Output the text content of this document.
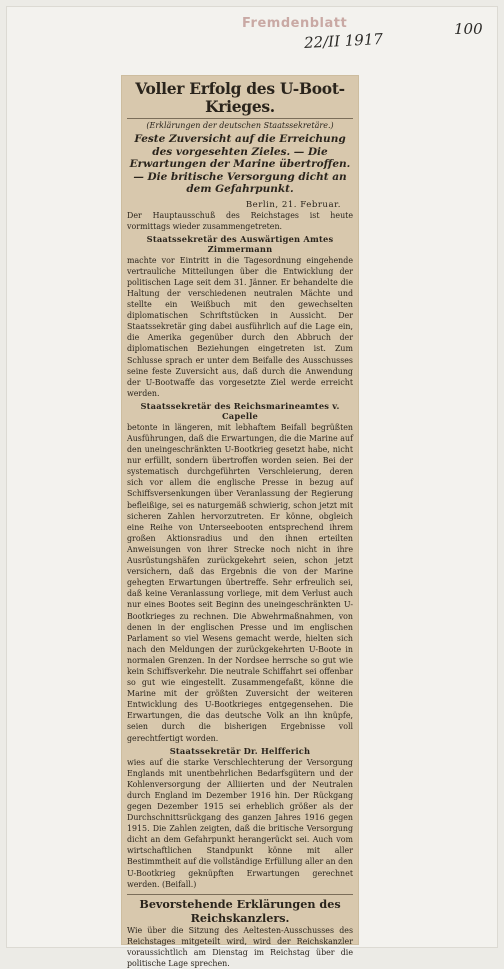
Fremdenblatt
22/II 1917
100
Voller Erfolg des U-Boot-Krieges.
(Erklärungen der deutschen Staatssekretäre.)
Feste Zuversicht auf die Erreichung des vorgesehten Zieles. — Die Erwartungen der Marine übertroffen. — Die britische Versorgung dicht an dem Gefahrpunkt.
Berlin, 21. Februar.

Der Hauptausschuß des Reichstages ist heute vormittags wieder zusammengetreten.

Staatssekretär des Auswärtigen Amtes Zimmermann

machte vor Eintritt in die Tagesordnung eingehende vertrauliche Mitteilungen über die Entwicklung der politischen Lage seit dem 31. Jänner. Er behandelte die Haltung der verschiedenen neutralen Mächte und stellte ein Weißbuch mit den gewechselten diplomatischen Schriftstücken in Aussicht. Der Staatssekretär ging dabei ausführlich auf die Lage ein, die Amerika gegenüber durch den Abbruch der diplomatischen Beziehungen eingetreten ist. Zum Schlusse sprach er unter dem Beifalle des Ausschusses seine feste Zuversicht aus, daß durch die Anwendung der U-Bootwaffe das vorgesetzte Ziel werde erreicht werden.

Staatssekretär des Reichsmarineamtes v. Capelle

betonte in längeren, mit lebhaftem Beifall begrüßten Ausführungen, daß die Erwartungen, die die Marine auf den uneingeschränkten U-Bootkrieg gesetzt habe, nicht nur erfüllt, sondern übertroffen worden seien. Bei der systematisch durchgeführten Verschleierung, deren sich vor allem die englische Presse in bezug auf Schiffsversenkungen über Veranlassung der Regierung befleißige, sei es naturgemäß schwierig, schon jetzt mit sicheren Zahlen hervorzutreten. Er könne, obgleich eine Reihe von Unterseebooten entsprechend ihrem großen Aktionsradius und den ihnen erteilten Anweisungen von ihrer Strecke noch nicht in ihre Ausrüstungshäfen zurückgekehrt seien, schon jetzt versichern, daß das Ergebnis die von der Marine gehegten Erwartungen übertreffe. Sehr erfreulich sei, daß keine Veranlassung vorliege, mit dem Verlust auch nur eines Bootes seit Beginn des uneingeschränkten U-Bootkrieges zu rechnen. Die Abwehrmaßnahmen, von denen in der englischen Presse und im englischen Parlament so viel Wesens gemacht werde, hielten sich nach den Meldungen der zurückgekehrten U-Boote in normalen Grenzen. In der Nordsee herrsche so gut wie kein Schiffsverkehr. Die neutrale Schiffahrt sei offenbar so gut wie eingestellt. Zusammengefaßt, könne die Marine mit der größten Zuversicht der weiteren Entwicklung des U-Bootkrieges entgegensehen. Die Erwartungen, die das deutsche Volk an ihn knüpfe, seien durch die bisherigen Ergebnisse voll gerechtfertigt worden.

Staatssekretär Dr. Helfferich

wies auf die starke Verschlechterung der Versorgung Englands mit unentbehrlichen Bedarfsgütern und der Kohlenversorgung der Alliierten und der Neutralen durch England im Dezember 1916 hin. Der Rückgang gegen Dezember 1915 sei erheblich größer als der Durchschnittsrückgang des ganzen Jahres 1916 gegen 1915. Die Zahlen zeigten, daß die britische Versorgung dicht an dem Gefahrpunkt herangerückt sei. Auch vom wirtschaftlichen Standpunkt könne mit aller Bestimmtheit auf die vollständige Erfüllung aller an den U-Bootkrieg geknüpften Erwartungen gerechnet werden. (Beifall.)

Bevorstehende Erklärungen des Reichskanzlers.

Wie über die Sitzung des Aeltesten-Ausschusses des Reichstages mitgeteilt wird, wird der Reichskanzler voraussichtlich am Dienstag im Reichstag über die politische Lage sprechen.
